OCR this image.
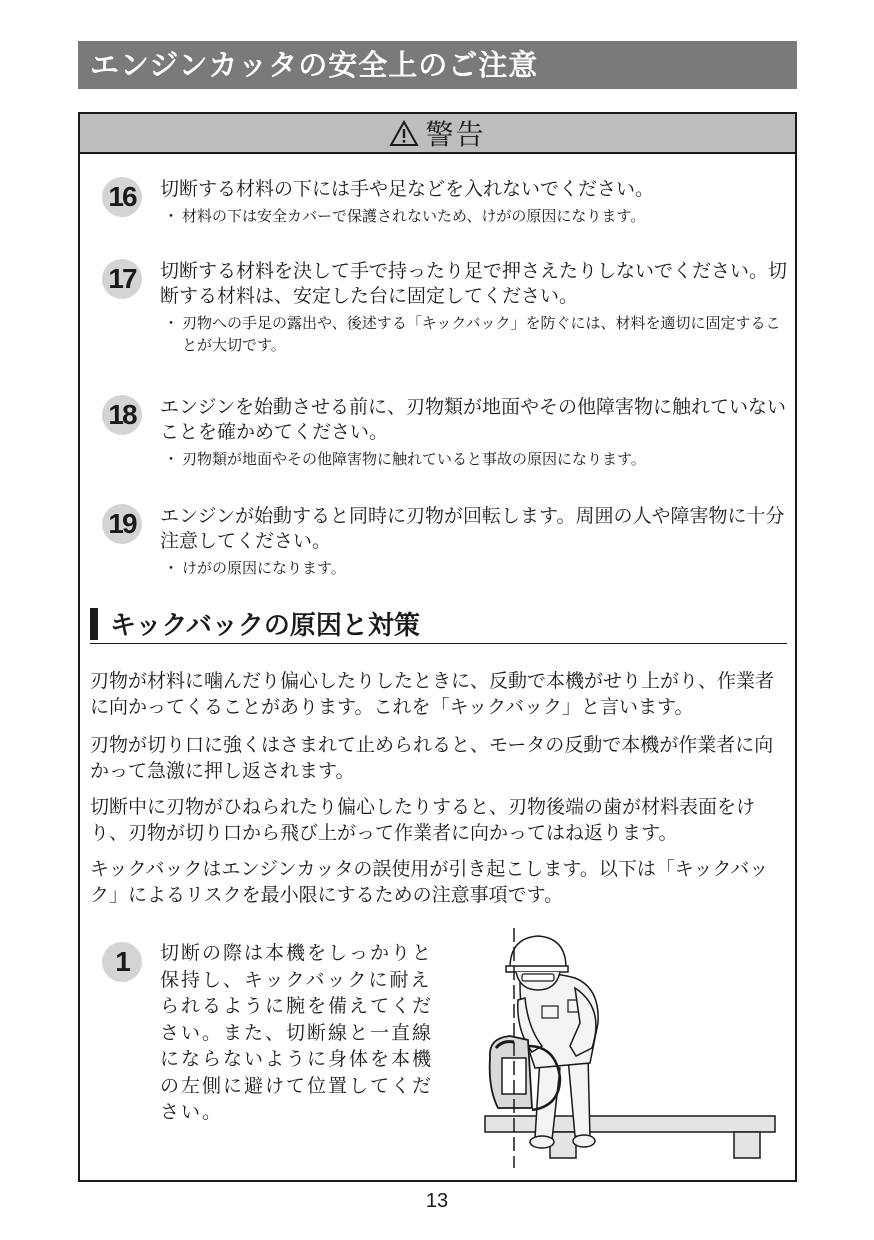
エンジンカッタの安全上のご注意
警告
16	切断する材料の下には手や足などを入れないでください。

・ 材料の下は安全カバーで保護されないため、けがの原因になります。

17	切断する材料を決して手で持ったり足で押さえたりしないでください。切断する材料は、安定した台に固定してください。

・ 刃物への手足の露出や、後述する「キックバック」を防ぐには、材料を適切に固定することが大切です。

18	エンジンを始動させる前に、刃物類が地面やその他障害物に触れていないことを確かめてください。

・ 刃物類が地面やその他障害物に触れていると事故の原因になります。

19	エンジンが始動すると同時に刃物が回転します。周囲の人や障害物に十分注意してください。

・ けがの原因になります。

キックバックの原因と対策

刃物が材料に噛んだり偏心したりしたときに、反動で本機がせり上がり、作業者に向かってくることがあります。これを「キックバック」と言います。

刃物が切り口に強くはさまれて止められると、モータの反動で本機が作業者に向かって急激に押し返されます。

切断中に刃物がひねられたり偏心したりすると、刃物後端の歯が材料表面をけり、刃物が切り口から飛び上がって作業者に向かってはね返ります。

キックバックはエンジンカッタの誤使用が引き起こします。以下は「キックバック」によるリスクを最小限にするための注意事項です。

1	切断の際は本機をしっかりと保持し、キックバックに耐えられるように腕を備えてください。また、切断線と一直線にならないように身体を本機の左側に避けて位置してください。

13
